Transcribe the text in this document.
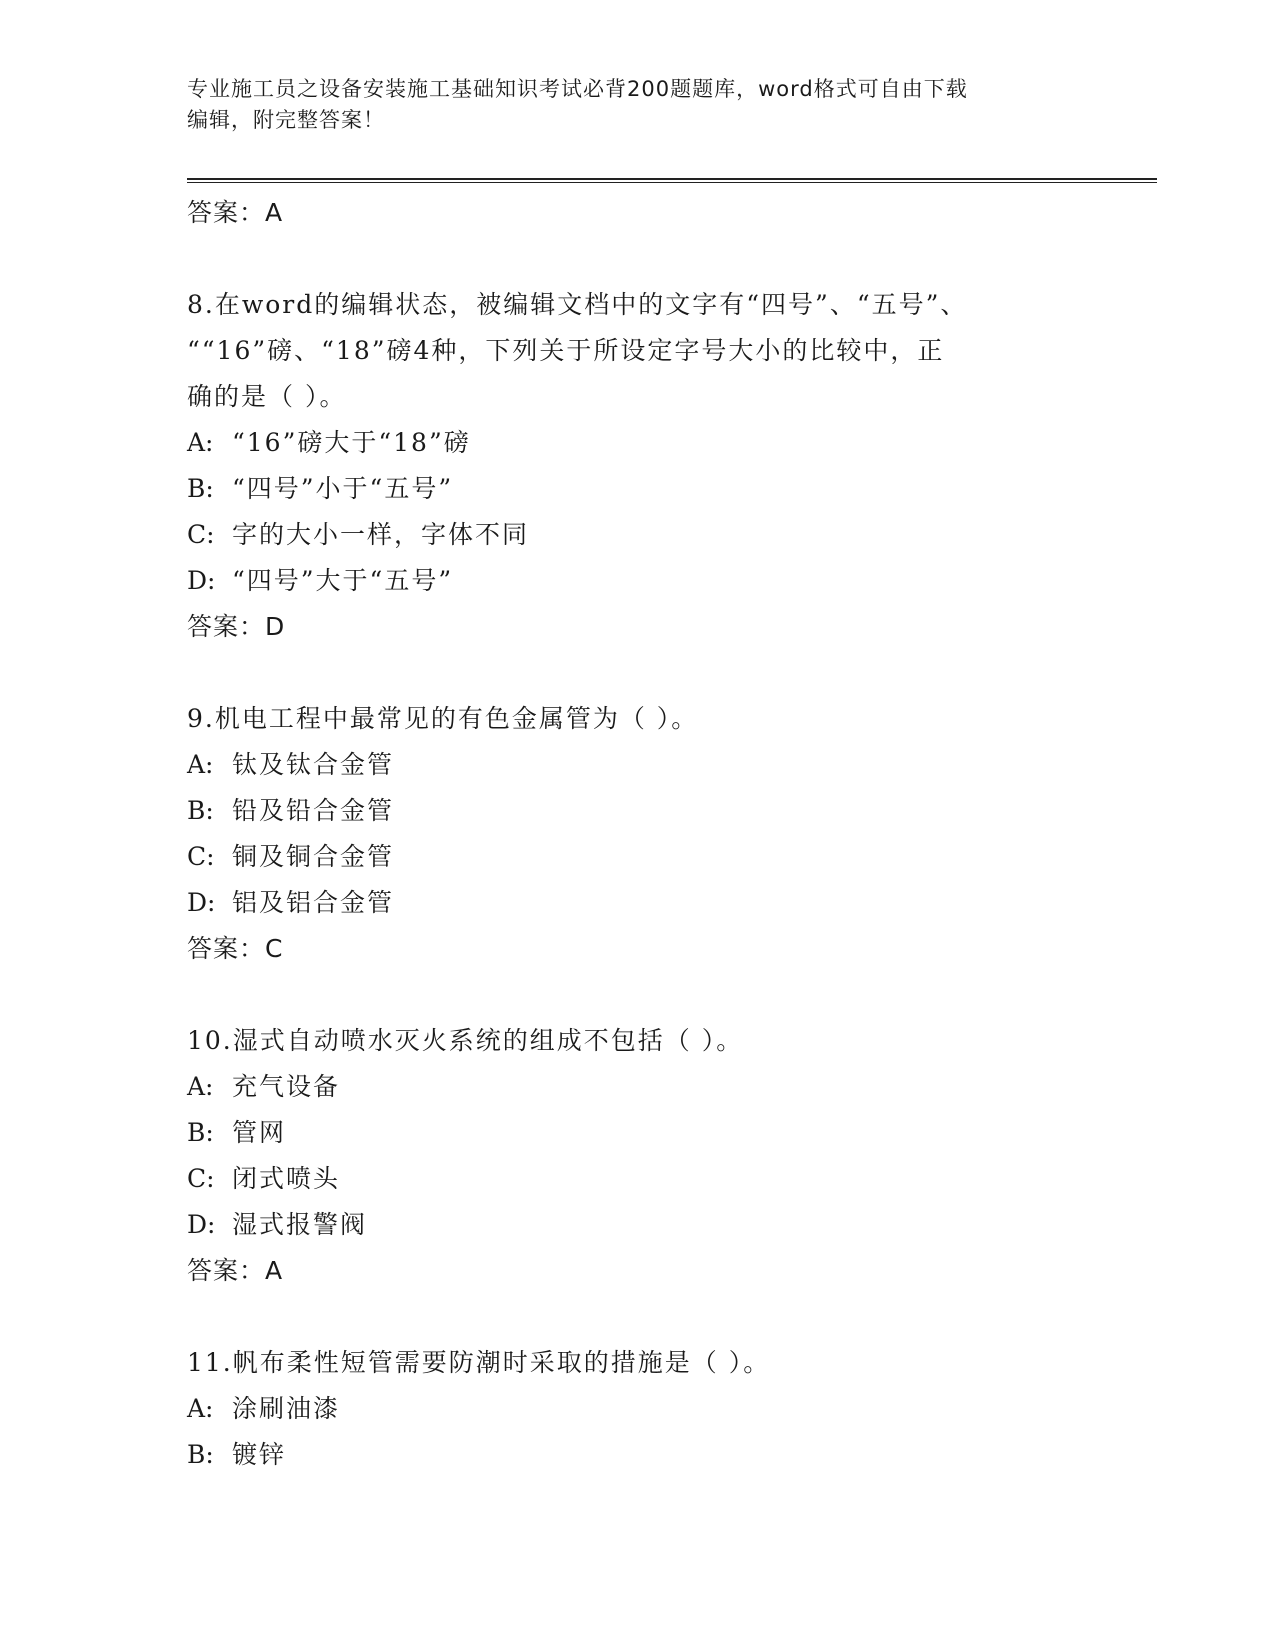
专业施工员之设备安装施工基础知识考试必背200题题库，word格式可自由下载
编辑，附完整答案！
答案：A
8.在word的编辑状态，被编辑文档中的文字有“四号”、“五号”、
““16”磅、“18”磅4种，下列关于所设定字号大小的比较中，正
确的是（ ）。
A: “16”磅大于“18”磅
B: “四号”小于“五号”
C: 字的大小一样，字体不同
D: “四号”大于“五号”
答案：D
9.机电工程中最常见的有色金属管为（ ）。
A: 钛及钛合金管
B: 铅及铅合金管
C: 铜及铜合金管
D: 铝及铝合金管
答案：C
10.湿式自动喷水灭火系统的组成不包括（ ）。
A: 充气设备
B: 管网
C: 闭式喷头
D: 湿式报警阀
答案：A
11.帆布柔性短管需要防潮时采取的措施是（ ）。
A: 涂刷油漆
B: 镀锌
